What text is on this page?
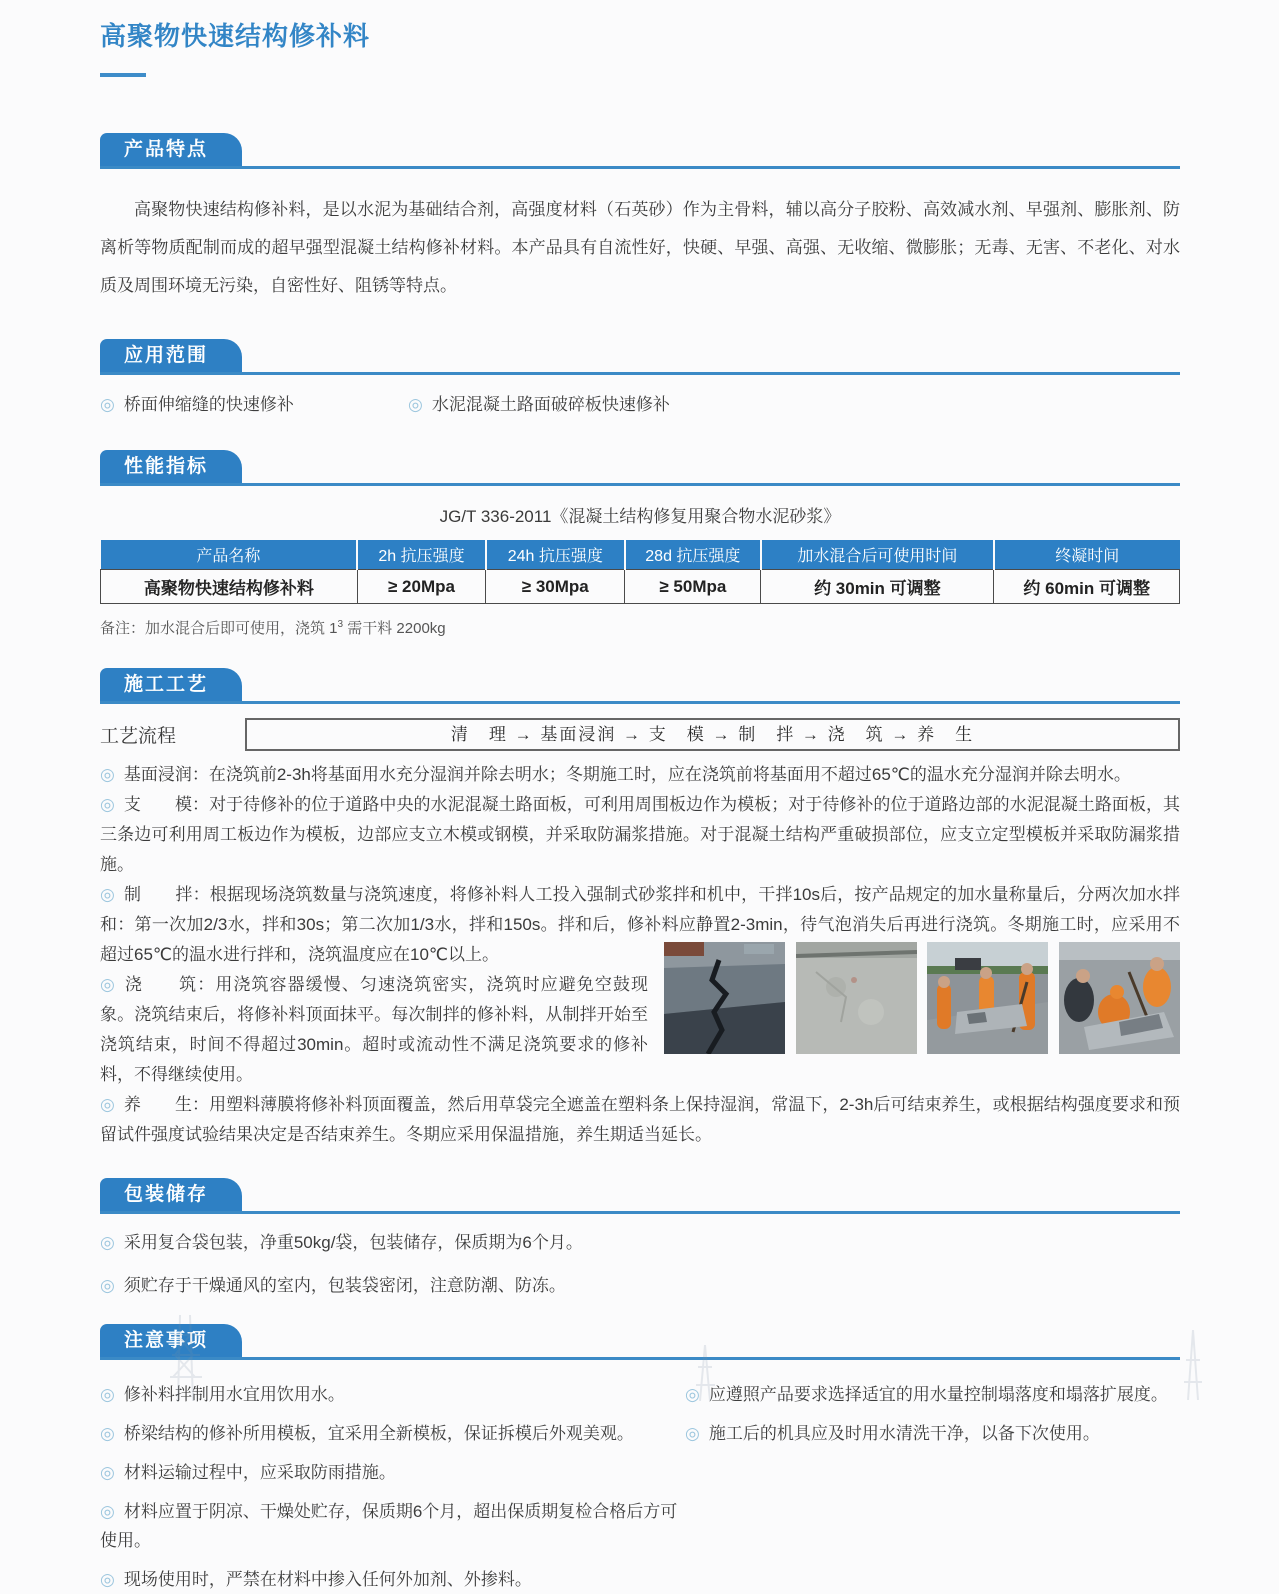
高聚物快速结构修补料
产品特点

高聚物快速结构修补料，是以水泥为基础结合剂，高强度材料（石英砂）作为主骨料，辅以高分子胶粉、高效减水剂、早强剂、膨胀剂、防离析等物质配制而成的超早强型混凝土结构修补材料。本产品具有自流性好，快硬、早强、高强、无收缩、微膨胀；无毒、无害、不老化、对水质及周围环境无污染，自密性好、阻锈等特点。

应用范围
◎ 桥面伸缩缝的快速修补	◎ 水泥混凝土路面破碎板快速修补
性能指标
JG/T 336-2011《混凝土结构修复用聚合物水泥砂浆》
产品名称	2h 抗压强度	24h 抗压强度	28d 抗压强度	加水混合后可使用时间	终凝时间
高聚物快速结构修补料	≥ 20Mpa	≥ 30Mpa	≥ 50Mpa	约 30min 可调整	约 60min 可调整
备注：加水混合后即可使用，浇筑 $1^3$ 需干料 2200kg
施工工艺
工艺流程	清　理 → 基面浸润 → 支　模 → 制　拌 → 浇　筑 → 养　生

◎ 基面浸润：在浇筑前2-3h将基面用水充分湿润并除去明水；冬期施工时，应在浇筑前将基面用不超过65℃的温水充分湿润并除去明水。

◎ 支　　模：对于待修补的位于道路中央的水泥混凝土路面板，可利用周围板边作为模板；对于待修补的位于道路边部的水泥混凝土路面板，其三条边可利用周工板边作为模板，边部应支立木模或钢模，并采取防漏浆措施。对于混凝土结构严重破损部位，应支立定型模板并采取防漏浆措施。

◎ 制　　拌：根据现场浇筑数量与浇筑速度，将修补料人工投入强制式砂浆拌和机中，干拌10s后，按产品规定的加水量称量后，分两次加水拌和：第一次加2/3水，拌和30s；第二次加1/3水，拌和150s。拌和后，修补料应静置2-3min，待气泡消失后再进行浇筑。冬期施工时，应采用不超过65℃的温水进行拌和，浇筑温度应在10℃以上。

◎ 浇　　筑：用浇筑容器缓慢、匀速浇筑密实，浇筑时应避免空鼓现象。浇筑结束后，将修补料顶面抹平。每次制拌的修补料，从制拌开始至浇筑结束，时间不得超过30min。超时或流动性不满足浇筑要求的修补料，不得继续使用。

◎ 养　　生：用塑料薄膜将修补料顶面覆盖，然后用草袋完全遮盖在塑料条上保持湿润，常温下，2-3h后可结束养生，或根据结构强度要求和预留试件强度试验结果决定是否结束养生。冬期应采用保温措施，养生期适当延长。

包装储存
◎ 采用复合袋包装，净重50kg/袋，包装储存，保质期为6个月。
◎ 须贮存于干燥通风的室内，包装袋密闭，注意防潮、防冻。
注意事项
◎ 修补料拌制用水宜用饮用水。
◎ 桥梁结构的修补所用模板，宜采用全新模板，保证拆模后外观美观。
◎ 材料运输过程中，应采取防雨措施。
◎ 材料应置于阴凉、干燥处贮存，保质期6个月，超出保质期复检合格后方可使用。
◎ 现场使用时，严禁在材料中掺入任何外加剂、外掺料。
◎ 应遵照产品要求选择适宜的用水量控制塌落度和塌落扩展度。
◎ 施工后的机具应及时用水清洗干净，以备下次使用。
